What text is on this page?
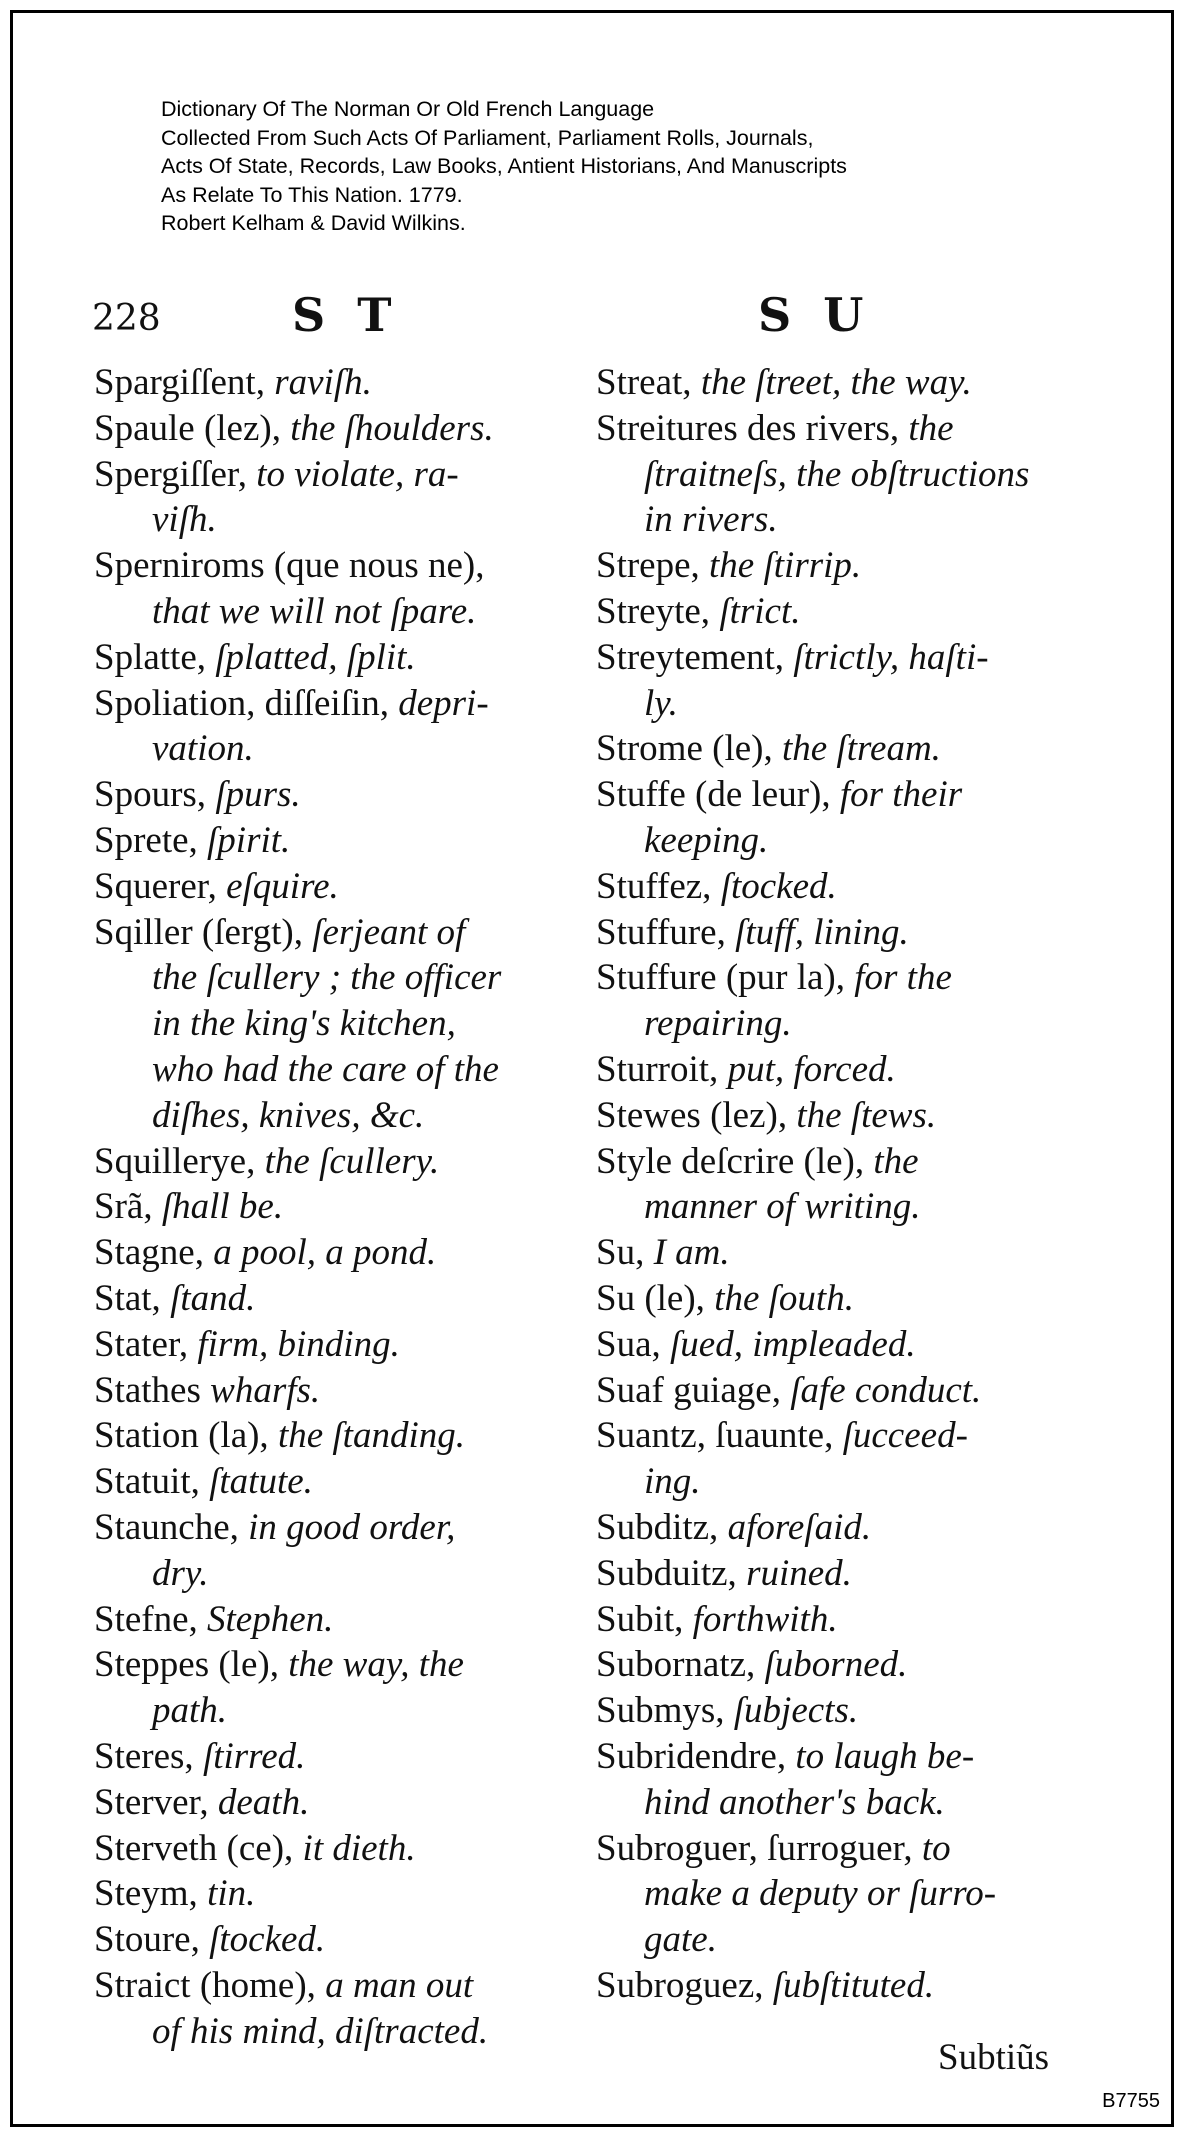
Dictionary Of The Norman Or Old French Language
Collected From Such Acts Of Parliament, Parliament Rolls, Journals,
Acts Of State, Records, Law Books, Antient Historians, And Manuscripts
As Relate To This Nation. 1779.
Robert Kelham & David Wilkins.
228	S T	S U
Spargiſſent, raviſh.
Spaule (lez), the ſhoulders.
Spergiſſer, to violate, ra-
viſh.
Sperniroms (que nous ne),
that we will not ſpare.
Splatte, ſplatted, ſplit.
Spoliation, diſſeiſin, depri-
vation.
Spours, ſpurs.
Sprete, ſpirit.
Squerer, eſquire.
Sqiller (ſergt), ſerjeant of
the ſcullery ; the officer
in the king's kitchen,
who had the care of the
diſhes, knives, &c.
Squillerye, the ſcullery.
Srã, ſhall be.
Stagne, a pool, a pond.
Stat, ſtand.
Stater, firm, binding.
Stathes wharfs.
Station (la), the ſtanding.
Statuit, ſtatute.
Staunche, in good order,
dry.
Stefne, Stephen.
Steppes (le), the way, the
path.
Steres, ſtirred.
Sterver, death.
Sterveth (ce), it dieth.
Steym, tin.
Stoure, ſtocked.
Straict (home), a man out
of his mind, diſtracted.
Streat, the ſtreet, the way.
Streitures des rivers, the
ſtraitneſs, the obſtructions
in rivers.
Strepe, the ſtirrip.
Streyte, ſtrict.
Streytement, ſtrictly, haſti-
ly.
Strome (le), the ſtream.
Stuffe (de leur), for their
keeping.
Stuffez, ſtocked.
Stuffure, ſtuff, lining.
Stuffure (pur la), for the
repairing.
Sturroit, put, forced.
Stewes (lez), the ſtews.
Style deſcrire (le), the
manner of writing.
Su, I am.
Su (le), the ſouth.
Sua, ſued, impleaded.
Suaf guiage, ſafe conduct.
Suantz, ſuaunte, ſucceed-
ing.
Subditz, aforeſaid.
Subduitz, ruined.
Subit, forthwith.
Subornatz, ſuborned.
Submys, ſubjects.
Subridendre, to laugh be-
hind another's back.
Subroguer, ſurroguer, to
make a deputy or ſurro-
gate.
Subroguez, ſubſtituted.
Subtiũs
B7755
